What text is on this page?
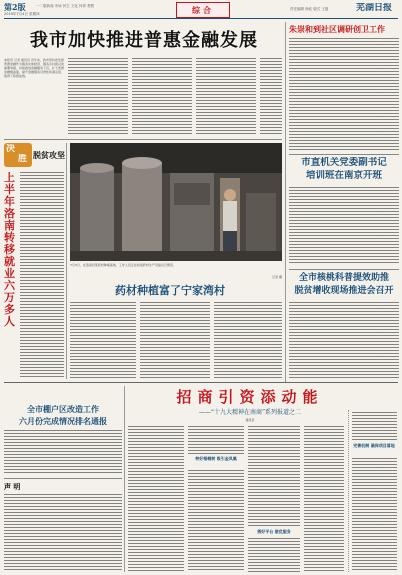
第2版
2019年7月4日 星期四
一二版新闻 市场 民生 文化 体育 观察	综合	责任编辑 徐佳 版式 王磊	芜湖日报
我市加快推进普惠金融发展
本报讯 记者 通讯员 近年来，我市坚持把发展普惠金融作为服务实体经济、服务乡村振兴的重要举措，持续推进金融服务下沉，扩大普惠金融覆盖面，提升金融服务可得性和满意度，取得了积极成效。
朱崇和到社区调研创卫工作
市直机关党委副书记
培训班在南京开班
全市核桃科普提效助推
脱贫增收现场推进会召开
决
胜 脱贫攻坚
上半年洛南转移就业六万多人
7月4日，在洛南县某药材种植基地，工作人员正在检查药材生产设备运行情况。
记者 摄
药材种植富了宁家湾村
全市棚户区改造工作
六月份完成情况排名通报
声 明
招商引资添动能
——“十九大精神在南商”系列报道之二
通讯员
种好梧桐树 吸引金凤凰
搭好平台 做优服务
完善机制 确保项目落地
